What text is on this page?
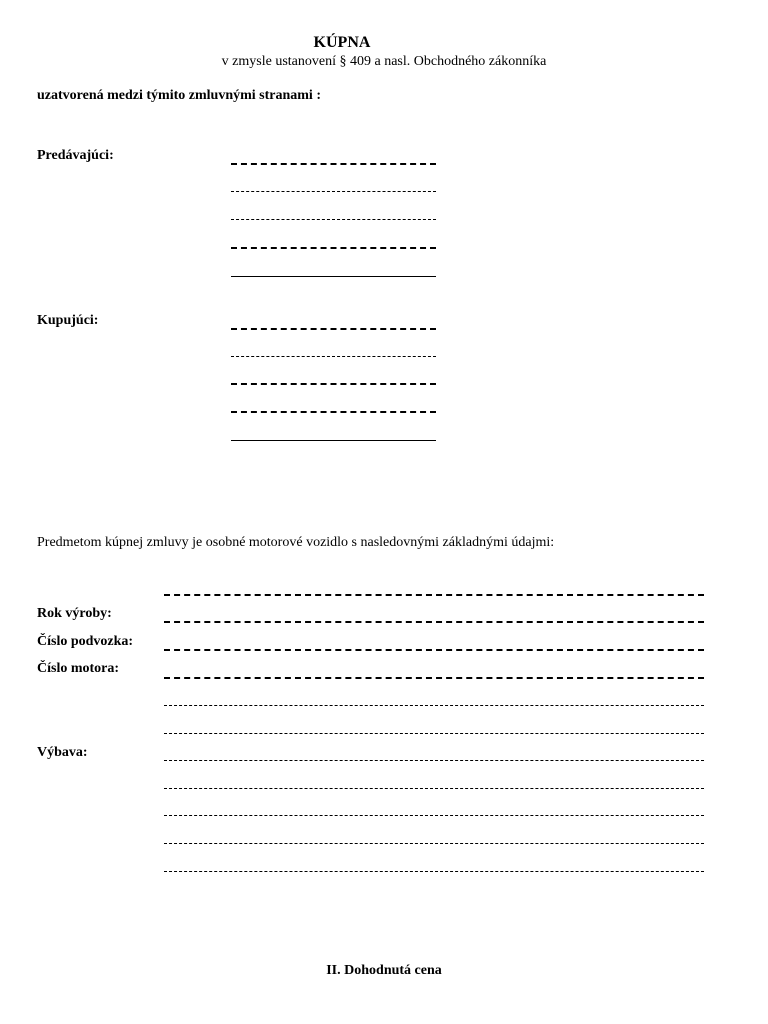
KÚPNA
v zmysle ustanovení § 409 a nasl. Obchodného zákonníka
uzatvorená medzi týmito zmluvnými stranami :
Predávajúci:
Kupujúci:
Predmetom kúpnej zmluvy je osobné motorové vozidlo s nasledovnými základnými údajmi:
Rok výroby:
Číslo podvozka:
Číslo motora:
Výbava:
II. Dohodnutá cena
